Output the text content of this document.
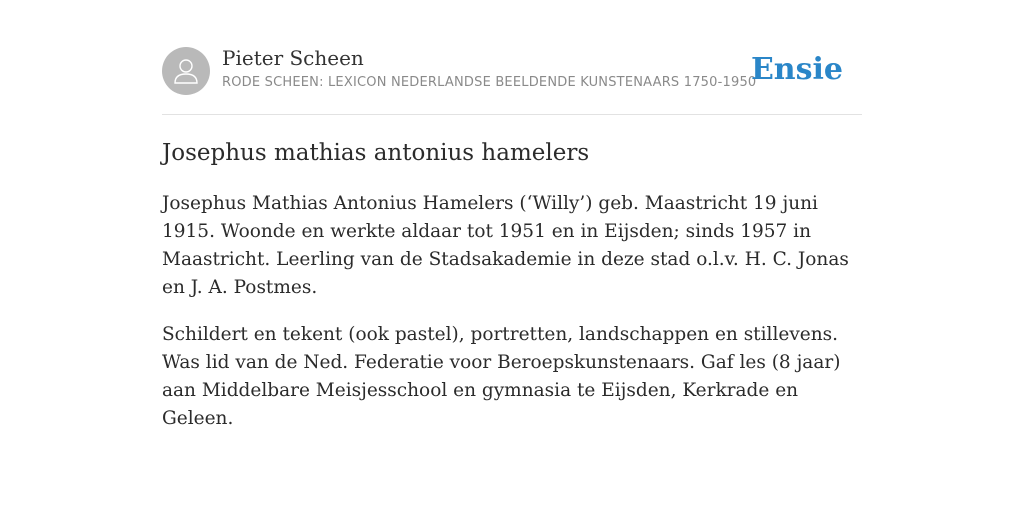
Pieter Scheen
RODE SCHEEN: LEXICON NEDERLANDSE BEELDENDE KUNSTENAARS 1750-1950
Ensie
Josephus mathias antonius hamelers

Josephus Mathias Antonius Hamelers (‘Willy’) geb. Maastricht 19 juni 1915. Woonde en werkte aldaar tot 1951 en in Eijsden; sinds 1957 in Maastricht. Leerling van de Stadsakademie in deze stad o.l.v. H. C. Jonas en J. A. Postmes.

Schildert en tekent (ook pastel), portretten, landschappen en stillevens. Was lid van de Ned. Federatie voor Beroepskunstenaars. Gaf les (8 jaar) aan Middelbare Meisjesschool en gymnasia te Eijsden, Kerkrade en Geleen.
